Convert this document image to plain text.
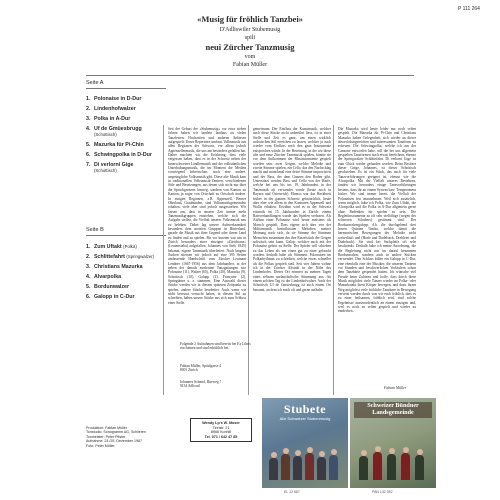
P 111 264
«Musig für fröhlich Tanzbei»
D'Adliswiler Stubemusig
spilt
neui Zürcher Tanzmusig
vom
Fabian Müller
Seite A
1. Polonaise in D-Dur
2. Lindenhofwalzer
3. Polka in A-Dur
4. Uf de Gmüesbrugg
(Schottisch)
5. Mazurka für Pi-Chin
6. Schwingpolka in D-Dur
7. Di verlorni Gige
(Schottisch)
Seite B
1. Zum Uftakt (Polka)
2. Schlittefahrt (Springwalzer)
3. Christians Mazurka
4. Alvarpolka
5. Bordunwalzer
6. Galopp in C-Dur
Seit der Geburt der «Stubemusig» vor etwa sieben Jahren haben wir landein landaus an vielen Tanzfesten, Hochzeiten und anderen Anlässen aufgespielt. Unser Repertoire umfasst Volksmusik aus allen Regionen der Schweiz, vor allem jedoch Appenzellermusik, die uns am besonders gefallen hat. Daher machten wir die Erfahrung, dass viele vergessen haben, dass es in der Schweiz neben der Innerschweizer Ländlermusik und der volkstümlichen Unterhaltungsmusik, die im Moment die Medien vorwiegend beherrschen, noch eine andere, ursprüngliche Volksmusik gibt. Diese alte Musik kam in traditionellen Volksmusik-Zentren, verschiedenen Stile und Besetzungen, aus denen sich nicht nur über die Sprachgrenzen hinweg, sondern von Kanton zu Kanton, ja sogar von Ortschaft zu Ortschaft ändern. In einigen Regionen, z.B. Appenzell, Berner Oberland, Graubünden, sind Volksmusikgemeinden erhalten, viele aber sind jedoch ausgestorben. Wir fassen uns, dass in unserer Zeit immer mehr Tanzmusikgruppen entstehen, welche sich die Aufgabe stellen, die Vielfalt unserer Volksmusik neu zu beleben. Dabei lag unsere Aufmerksamkeit besonders dem meisten Gruppen in Hinterland, gerade die Musik aus ihrer Gegend oder ihrem Land zu finden und zu spielen. Bis vor kurzem war uns in Zürich besonders einer einzigen «Zürichtanz» (Leutenstabu) aufgefallen, Johannes von Sieb, 1845) bekannt, eigene Tanzmusik überliefert. Nach langem Suchen stiessen wir jedoch auf eine 395 Seiten umfassende Handschrift vom Zürcher Leutnant Lendner (1667-1956) aus dem Jahrhundert, in der neben der damals modernen Tanzgattungen wie Polonaise (11), Walzer (65), Polka (20), Mazurka (9), Schottisch (10), Galopp (2), Française (2), Springtänze u. a. stammen. Eine Auswahl dieser Stücke werden wir in diesem späteren Zeitpunkt zu spielen, andere Stücke bearbeitet. Auch wenn wir nicht bewusst versucht haben, in diesem Stil zu schreiben, haben unsere Stücke aus sich zum Schluss einer Stelle.
gemeinsam. Der Einfluss der Kunstmusik, welcher auch diese Stücke nicht unberührt liess, ist in einer Stelle und Zeit es ganz, um einen wirklich archaischen Stil erreichen zu lassen, welcher ja auch wieder vom Einfluss noch den ganz Instrumente entsprochen würde. In der Besetzung, in der wir diese alte und neue Zürcher Tanzmusik spielen, könnte sie vor dem Aufkommen der Blasinstrumente gespielt worden sein: zwei Geigen, welche Melodie und zweite Stimme spielen, ein Cello, das den Nachschlag macht und manchmal eine dritte Stimme improvisiert und der Bass, der dem Ganzen den Boden gibt. Unterstützt werden Bass und Cello von der Harfe, welche bei uns bis ins 19. Jahrhundert in der Tanzmusik oft verwendet wurde (heute noch in Bayern und Österreich). Ebenso war das Hackbrett früher in der ganzen Schweiz gebräuchlich, heute aber eher wie allem in den Kantonen Appenzell und Wallis erhalten. Erwähnt wird es in der Schweiz erstmals im 15. Jahrhundert in Zürich: einem Ratsverhandlungen wurde das Spielen verboten. Als Aufbau einer Polonaise wird heute meistens als Marsch gespielt. Dass eigene sich aber von der Militärmusik beeinflussten Melodien meiner Meinung nach sich, da sie Stimme der Stimmen Menschen zusammen das ihre Einzelstück der Geigen solistisch sein kann. Galop: welcher auch mit der Polonaise gehört zu Stelle. Der Spieler will schieben zu das Leben als um einen gut zu einer gebracht worden, deshalb habe ich Stimmen. Polonaisen im Polkarhythmus zu schreiben, welche etwas schneller als die Polkas gespielt sind. Seit vier Jahren wohne ich in der Zürcher Altstadt in der Nähe des Lindenhofes. Dieser Ort erinnert zu meinen Tagen eines seltsam melancholische Stimmung aus. An einem solchen Tag ist der Lindenhofwalzer. Auch der Schottisch Uf de Gmüesbrugg ist auch einem Ort benannt, an dem ich mich oft und gerne aufhalte.
Die Mazurka wird heute leider nur noch selten gespielt. Die Mazurka für Pi-Chin und Christians Mazurka haben Gelegenheit, sich wieder an dieser abwechslungsreichen und interessanten Tanzform zu erfreuen. Die Schwingpolka, welche ich aus der Canzone entworfen habe, soll die bei uns allgemein gespielten Tanzformen noch etwas bereichern, ebenso der Springwalzer Schlittefahrt. Di verlorni Gige ist zum Glück wieder gefunden worden. Beim Besitzer dieser Geige, Johannes, ist dieser Schottisch geschrieben. Es ist ein Stück, das auch für viele Tanzvorführungen geeignet ist, ebenso wie die Alvarpolka. Mit der Vielfalt unseres Bestehens, fanden wir besonders einige Tanzvorführungen bestens, dass ihr an einem System bzw. Temperament bisher. Wir sind immer bereit, die Vielfalt der Polonaisen fest anzunehmen. Weil sich zusätzlich, wenn möglich, habe ich Polka, wie Zum Uftakt, die Alvarpolka und die Polka in A-Dur allgemein gerne ohne Bedenken für spielen zu sein. Die Begleitinstrumente zu oft sehr vielfältige (wegen des schweren Schubers) gestimmt sind. Der Bordunwalzergalopp, d.h. die durchgehend drei leeren Quinten Tonika, welche damit die harmonischen Bewegungen der Melodie nicht weiterläuft und (Harfe und Dudelsack, Drehleier und Dudelsack). Sie sind bei Sackpfeife oft sehr beschränkt. Deshalb habe ich meine Anordnung, die die Begleitung nicht nur im darauf benannten Bordunwalzer, sondern auch in andere Stücken verwendet. Den Schluss bildet ein Galopp in C-Dur, eine ebenfalls eine der Musiker, die unseren Tänzern vor Stunden und beschwerlichen Vorläufern schon dem Tanzbärte gespendet hatten. Ich wünsche viel Freude beim Zuhören und hoffe, dass durch diese Musik möglichst viele Tänzer wieder im Polka- oder Mazurkatakt ihren Körper bewegen, und dazu ihrem Weg möglichst viele fröhliche Tanzbare in Bewegung versetzt werden durch was wir euch fröhlich, dass es zu einer heilsamen, fröhlich seid, sind solche Ergebnisse ausserordentlich an einem einzigen und, weil es noch zu selten gespielt und wieder zu entdecken.
Fabian Müller
Folgende 2 Aufnahmen sind bereits bei Ex Libris erschienen und sind erhältlich bei:
Fabian Müller, Spitalgasse 4
8001 Zürich
Johannes Schmid, Rüeweg 7
9134 Adliswil
Produktion: Fabian Müller
Tonstudio: Sonogramm AG, Schlieren
Tonmeister: Peter Pfister
Aufnahme: 24./25. Dezember 1987
Foto: Peter Müller
Wendy Lp's W. Moser
Tinnstr. 21
8966 Konhill
Tel. 071 / 642 47 85
Stubete
Alle Schweizer Stubenmusig
Schweizer Bündner Landsgemeinde
EL 12 687	PAN 132 052
